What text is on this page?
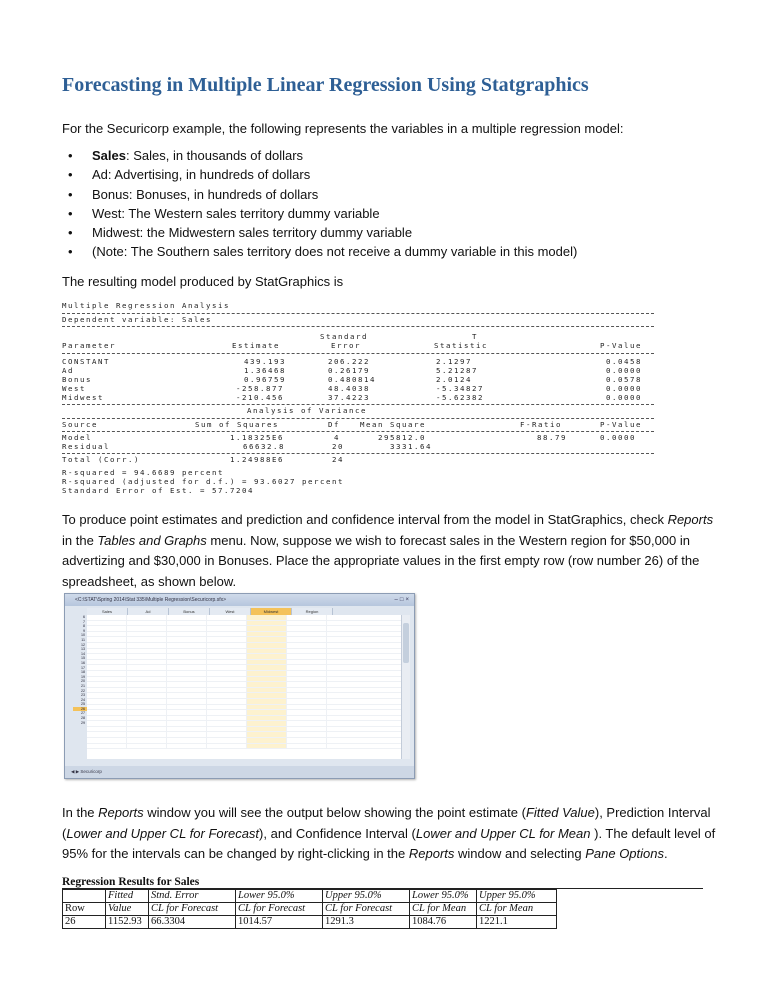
Forecasting in Multiple Linear Regression Using Statgraphics

For the Securicorp example, the following represents the variables in a multiple regression model:

• Sales: Sales, in thousands of dollars
• Ad: Advertising, in hundreds of dollars
• Bonus: Bonuses, in hundreds of dollars
• West: The Western sales territory dummy variable
• Midwest: the Midwestern sales territory dummy variable
• (Note: The Southern sales territory does not receive a dummy variable in this model)

The resulting model produced by StatGraphics is

Multiple Regression Analysis
Dependent variable: Sales
Standard	T
Parameter	Estimate	Error	Statistic	P-Value
CONSTANT	439.193	206.222	2.1297	0.0458
Ad	1.36468	0.26179	5.21287	0.0000
Bonus	0.96759	0.480814	2.0124	0.0578
West	-258.877	48.4038	-5.34827	0.0000
Midwest	-210.456	37.4223	-5.62382	0.0000
Analysis of Variance
Source	Sum of Squares	Df	Mean Square	F-Ratio	P-Value
Model	1.18325E6	4	295812.0	88.79	0.0000
Residual	66632.8	20	3331.64
Total (Corr.)	1.24988E6	24
R-squared = 94.6689 percent
R-squared (adjusted for d.f.) = 93.6027 percent
Standard Error of Est. = 57.7204

To produce point estimates and prediction and confidence interval from the model in StatGraphics, check Reports in the Tables and Graphs menu. Now, suppose we wish to forecast sales in the Western region for $50,000 in advertizing and $30,000 in Bonuses. Place the appropriate values in the first empty row (row number 26) of the spreadsheet, as shown below.

<C:\STAT\Spring 2014\Stat 335\Multiple Regression\Securicorp.sfx>	–□×
Sales	Ad	Bonus	West	Midwest	Region
6
7
8
9
10
11
12
13
14
15
16
17
18
19
20
21
22
23
24
25
26
27
28
29
◀ ▶ Securicorp

In the Reports window you will see the output below showing the point estimate (Fitted Value), Prediction Interval (Lower and Upper CL for Forecast), and Confidence Interval (Lower and Upper CL for Mean ). The default level of 95% for the intervals can be changed by right-clicking in the Reports window and selecting Pane Options.

Regression Results for Sales
	Fitted	Stnd. Error	Lower 95.0%	Upper 95.0%	Lower 95.0%	Upper 95.0%
Row	Value	CL for Forecast	CL for Forecast	CL for Forecast	CL for Mean	CL for Mean
26	1152.93	66.3304	1014.57	1291.3	1084.76	1221.1
